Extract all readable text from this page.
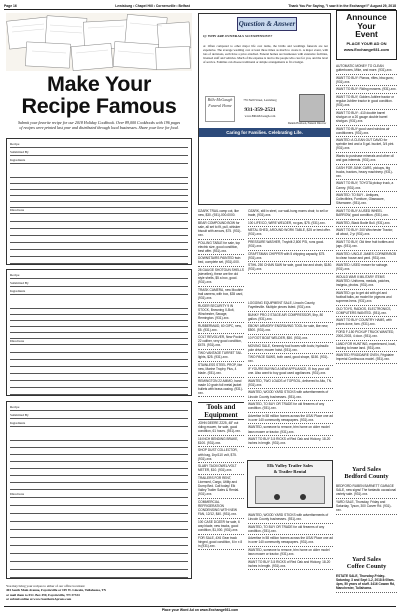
Page 16	Lewisburg • Chapel Hill • Cornersville • Belfast	Thank You For Saying, "I saw it in the Exchange!!" August 29, 2018
Make Your
Recipe Famous
Submit your favorite recipe for our 2018 Holiday Cookbook. Over 89,000 Cookbooks with 196 pages of recipes were printed last year and distributed through local businesses. Share your love for food.
Recipe
Submitted By
Ingredients
Directions
Recipe
Submitted By
Ingredients
Directions
Recipe
Submitted By
Ingredients
Directions
You may bring your recipes to either of our office locations:
404 South Main Avenue, Fayetteville or 109 W. Lincoln, Tullahoma, TN
or mail them to P.O. Box 490, Fayetteville, TN 37334
or submit online at www.SouthernAprons.com
Question & Answer
Q: WHY ARE FUNERALS SO EXPENSIVE?
A: Often compared to other major life cost items, the births and weddings funerals are not expensive. The average wedding cost at least three times as much to create it. A major event, with lots of decisions, each have a price attached. Funeral homes are businesses with extensive facilities, licensed staff and vehicles. Much of the expense is tied to the people who care for you, and the level of service. Families can choose traditional or simple arrangements to fit a budget.
Bills-McGaugh Funeral Home
755 Nelll Street, Lewisburg
931-359-2521
www.BillsMcGaugh.com
Dennis Harrison, Funeral Director
Caring for Families. Celebrating Life.
Announce
Your
Event
PLACE YOUR AD ON
www.Exchange931.com
DZARK TRAIL camp cot, like new, $30. (931)-000-0000.
BEAR COMPOUND BOW for sale, all set to fit, pull, whisker biscuit with arrows, $75. (931)-xxx.
POLLING TABLE for sale, top electric size, good condition, best offer. (931)-xxx.
DOWNSTAIRS PAINTED twin bed, complete set, (931)-000.
28 GAUGE SHOTGUN SHELLS (stevelles), these are the old style shells, $5 a box, good. (931)-xxx.
TRASK CAMERA, new Moultrie trail camera, with box, $35 card, (931)-xxx.
RUGER SECURITY 9 IN STOCK, Browning X-Bolt, Winchester, Savage, Remington. (931)-xxx.
RUBBERMAID, 60 GIPC, new, $5. (931)-xxx.
COLT REVOLVER, New Pocket 22 caliber, very good condition, $475. (931)-xxx.
TWO VANTAGE TURRET TAIL lights, $25. (931)-xxx.
STAINLESS STEEL PROP, like new, Marine Trophy Plus, 4 blade. (931)-xxx.
REMINGTON 22 AMMO, hand made 10 grain full metal jacket bullets with brass casing. (931)-xxx.
Tools and Equipment
JOHN DEERE Z225, 48" cut riding mower, for sale, good condition, 61 hours. (931)-xxx.
16 INCH BENDING BRAKE, $100. (931)-xxx.
SHOP DUST COLLECTOR, with bag, 1hp/110 volt, $75. (931)-xxx.
SLABY TACK/OWEL/VOLT METER, $10. (931)-xxx.
TRAILERS FOR RENT, Licensed, Cargo, Utility and Dump Bed. Call today! Elk Valley Trailer Sales & Rental. (931)-xxx.
COMMERCIAL REFRIGERATION CONDENSING WITH NEW FAN, 12/12, $40. (931)-xxx.
100 CASE DOZER for sale, 6 way blade, new tracks, good condition, $1,000. (931)-xxx.
FOR SALE, 4X6 Gear track hinged, good condition, 6 in x 8 in (931)-xxx.
OZARK, still in steel, our wall-hung moms chair, to sell or trade, (931)-xxx.
100 LIFE/CO, WIRE WELDER, no gas, $75. (931)-xxx.
METAL SHED, AROUND WORK TABLE, $25 or best offer. (931)-xxx.
PRESSURE WASHER, Troybilt 2,800 PSI, runs good. (931)-xxx.
CRAFTSMAN CHIPPER with 5 chipping capacity, $75. (931)-xxx.
STIHL 250 CHAIN SAW for sale, good bar and chain, $180. (931)-xxx.
LOGGING EQUIPMENT SALE, Lincoln County, Fayetteville. Multiple pieces listed. (931)-xxx.
BUNKY PRO 2 STAGE AIR COMPRESSOR, 5hp, 80 gallon. (931)-xxx.
EBONY ARMORY ENGRAVING TOOL for sale, like new, $500. (931)-xxx.
10 FOOT BOAT WELDER, $50. (931)-xxx.
MOVING SALE, Kennedy tool boxes with tools; hydraulic pole driver; mower hoist. (931)-xxx.
TWO PAGE SAWS, both used, good shape, $150. (931)-xxx.
IF YOU'RE BUYING A NEW APPLIANCE, I'll buy your old one. Also want to buy good used appliances. (931)-xxx.
WANTED, TWO LOADS of TOPSOIL, delivered to Alto, TN. (931)-xxx.
WANTED, WOOD YARD STICKS with advertisements of Lincoln County businesses. (931)-xxx.
WANTED, TO BUY OR TRADE for old firearms of any condition. (931)-xxx.
Advertise in 58 million homes across the USA! Place one ad in over 140 community newspapers. (931)-xxx.
WANTED, someone to remove, trim home on older model lawn mower or tractor. (931)-xxx.
WANT TO BUY 3-5 RICKS of Red Oak and Hickory, 18-20 inches in length. (931)-xxx.
Elk Valley Trailer Sales
& Trailer Rental
WANTED, WOOD YARD STICKS with advertisements of Lincoln County businesses. (931)-xxx.
WANTED, TO BUY OR TRADE for old firearms of any condition. (931)-xxx.
Advertise in 58 million homes across the USA! Place one ad in over 140 community newspapers. (931)-xxx.
WANTED, someone to remove, trim home on older model lawn mower or tractor. (931)-xxx.
WANT TO BUY 3-5 RICKS of Red Oak and Hickory, 18-20 inches in length. (931)-xxx.
AUTOMATIC MONEY TO CLEAN gutterboxes, Mike, and more. (931)-xxx.
WANT TO BUY: Pianos, rifles, bba guns; (931)-xxx.
WANT TO BUY: Riding mowers. (931)-xxx.
WANT TO BUY, Golden Jubilee tractor or regular Jubilee tractor in good condition. (931)-xxx.
WANT TO BUY: .410 double barrel shotgun or a 20 gauge double barrel shotgun. (931)-xxx.
WANT TO BUY good used window air conditioners. (931)-xxx.
WANTED: A CLEAN OUT DAVID for sprinkle bed and a 5 gal. bucket, 3/4 pint. (931)-xxx.
Wants to purchase minerals and other oil and gas interests. (931)-xxx.
CASH FOR JUNK CARS, pickups, big trucks, tractors, heavy machinery. (931)-xxx.
WANT TO BUY, TOYOTA pickup truck, a Camry. (931)-xxx.
WANTED: TO BUY - Antiques, Collectibles, Furniture, Glassware, Silverware. (931)-xxx.
WANT TO BUY A USED WHEEL BARROW, good condition. (931)-xxx.
WANTED, Black Bodie Bull. (931)-xxx.
WANT TO BUY: 200 Winchester Tractor, all about, 2 yr (931)-xxx.
WANT TO BUY, Old time fruit bottles and jugs. (931)-xxx.
WANTED: UNCLE JAMES CORNER/BOB to clean house and yard. (931)-xxx.
WANTED: USED mower for salvage. (931)-xxx.
WOULD WAR II MILITARY ITEMS WANTED: Uniforms, medals, patches, insignia, photos. (931)-xxx.
WANTED: go to get old with girl and football talks, an model for pigeons and supreme-hens. (931)-xxx.
OLD TOYS, RADIOS, ELECTRONICS, COMPUTERS WANTED. (931)-xxx.
WANT TO BUY COUNTRY HAMS, with prices done, fam. (931)-xxx.
FORD F-150 PICKUP TRUCK WANTED, 2000-2003, 4 door. (931)-xxx.
LAND FOR HUNTING, experienced, local, looking to lease land. (931)-xxx.
WANTED FRIGIDAIRE OVEN, Frigidaire Imperial Continuous model. (931)-xxx.
Yard Sales
Bedford County
BEDFORD RUBEN BARNETT GARAGE SALE, new signs! The fantastic occasional variety sale. (931)-xxx.
YARD SALE, Thursday, Friday and Saturday, Tyson, 300 Carver Rd. (931)-xxx.
Yard Sales
Coffee County
ESTATE SALE, Thursday-Friday-Saturday, 3 and Sept 1-2, 2018 8:00am-4pm, 50 years of stuff. 3416 Cowan Rd, Manchester, Tullahoma.
Place your Word Ad on www.Exchange931.com
